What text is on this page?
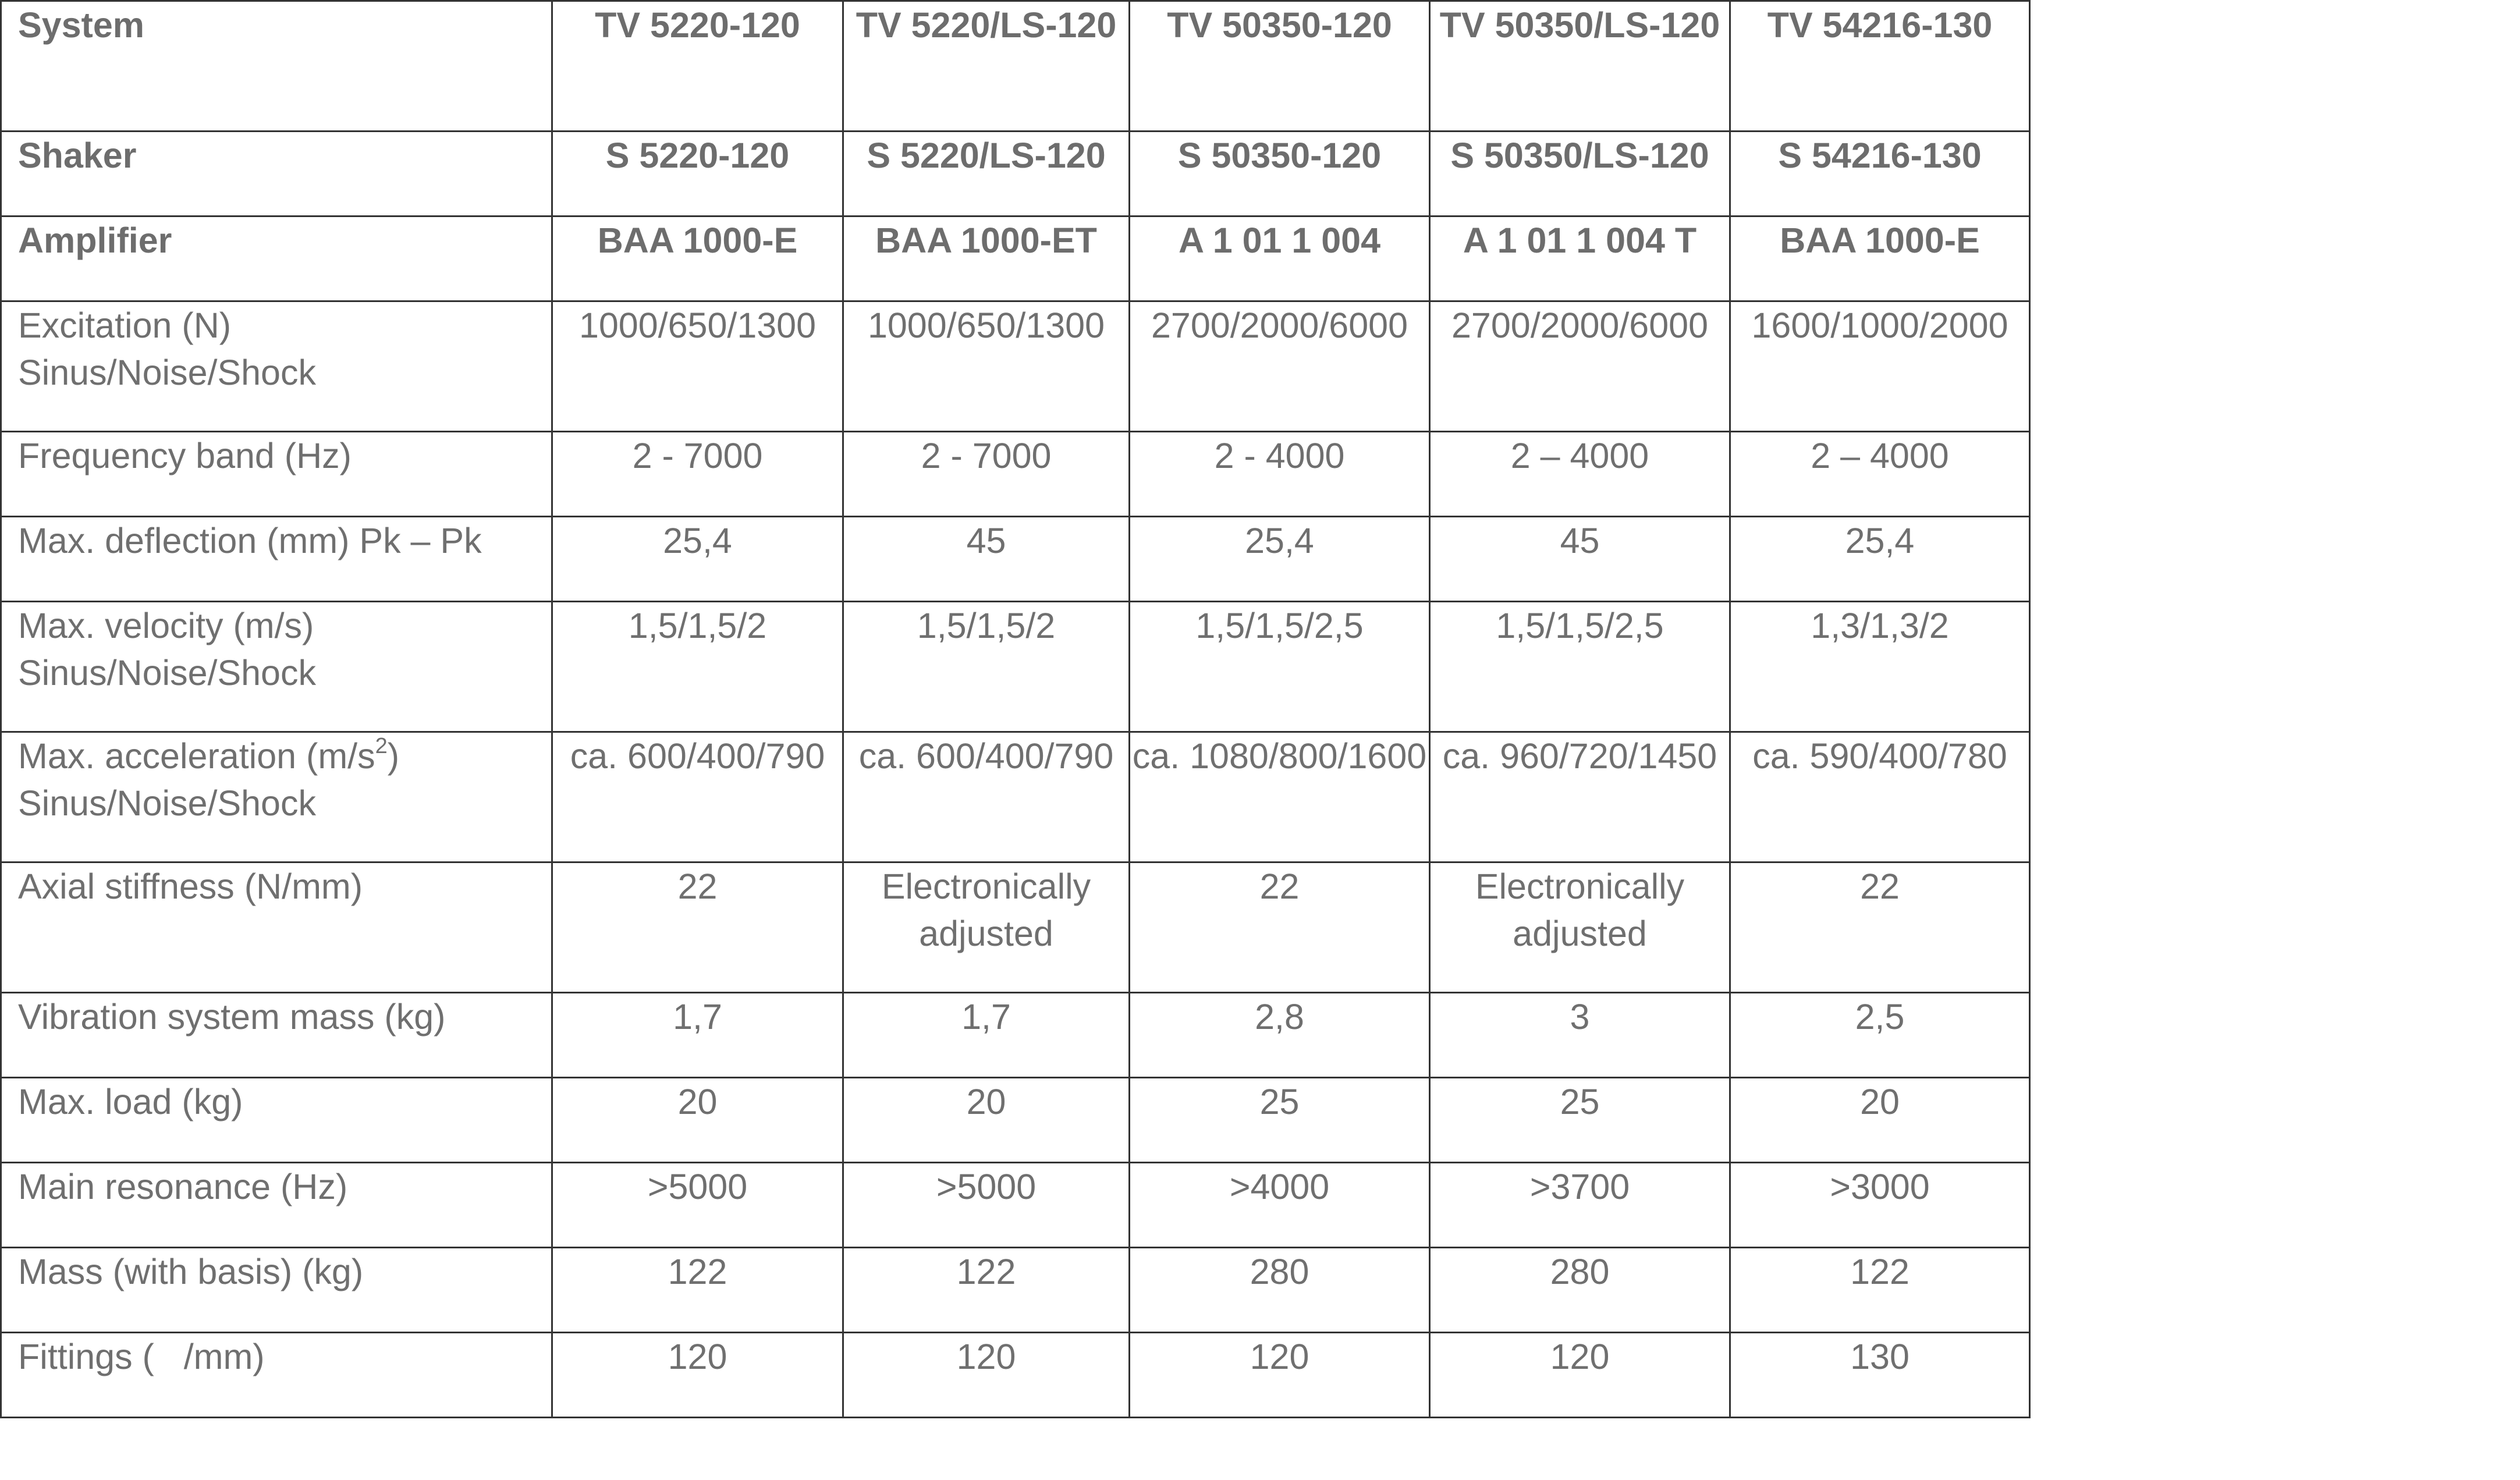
System	TV 5220-120	TV 5220/LS-120	TV 50350-120	TV 50350/LS-120	TV 54216-130
Shaker	S 5220-120	S 5220/LS-120	S 50350-120	S 50350/LS-120	S 54216-130
Amplifier	BAA 1000-E	BAA 1000-ET	A 1 01 1 004	A 1 01 1 004 T	BAA 1000-E

Excitation (N)
Sinus/Noise/Shock	1000/650/1300	1000/650/1300	2700/2000/6000	2700/2000/6000	1600/1000/2000
Frequency band (Hz)	2 - 7000	2 - 7000	2 - 4000	2 – 4000	2 – 4000
Max. deflection (mm) Pk – Pk	25,4	45	25,4	45	25,4

Max. velocity (m/s)
Sinus/Noise/Shock	1,5/1,5/2	1,5/1,5/2	1,5/1,5/2,5	1,5/1,5/2,5	1,3/1,3/2

Max. acceleration $(m/s^2)$
Sinus/Noise/Shock	ca. 600/400/790	ca. 600/400/790	ca. 1080/800/1600	ca. 960/720/1450	ca. 590/400/780
Axial stiffness (N/mm)	22	Electronically adjusted	22	Electronically adjusted	22
Vibration system mass (kg)	1,7	1,7	2,8	3	2,5
Max. load (kg)	20	20	25	25	20
Main resonance (Hz)	>5000	>5000	>4000	>3700	>3000
Mass (with basis) (kg)	122	122	280	280	122
Fittings (   /mm)	120	120	120	120	130
